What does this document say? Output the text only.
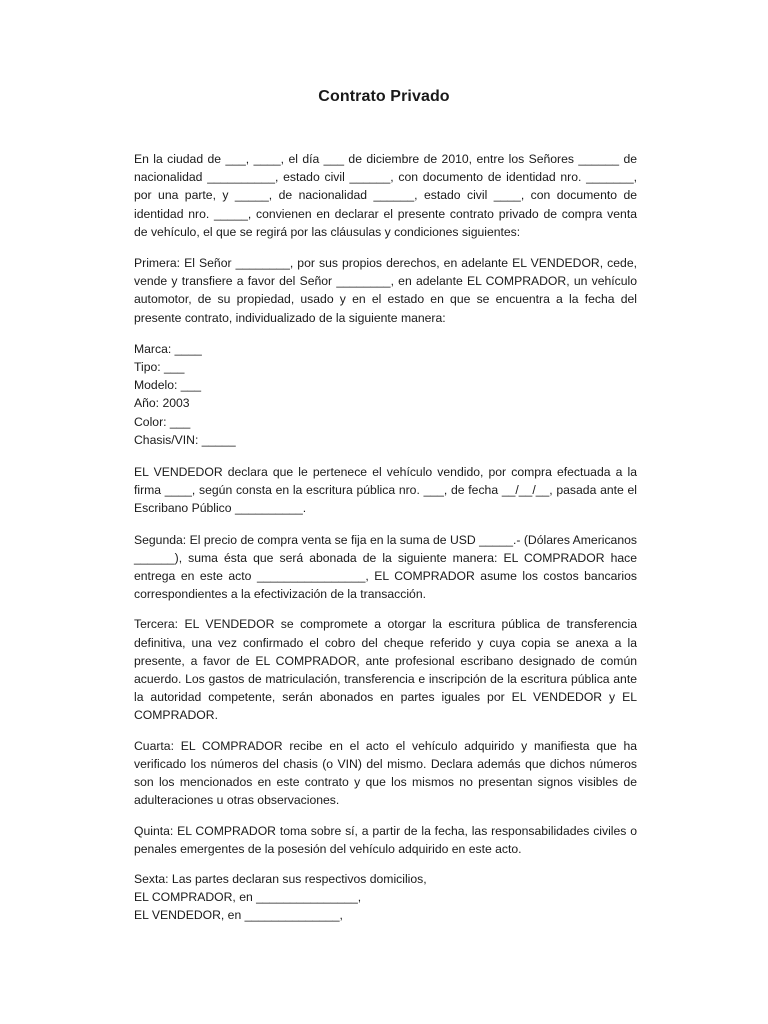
Contrato Privado

En la ciudad de ___, ____, el día ___ de diciembre de 2010, entre los Señores ______ de nacionalidad __________, estado civil ______, con documento de identidad nro. _______, por una parte, y _____, de nacionalidad ______, estado civil ____, con documento de identidad nro. _____, convienen en declarar el presente contrato privado de compra venta de vehículo, el que se regirá por las cláusulas y condiciones siguientes:

Primera: El Señor ________, por sus propios derechos, en adelante EL VENDEDOR, cede, vende y transfiere a favor del Señor ________, en adelante EL COMPRADOR, un vehículo automotor, de su propiedad, usado y en el estado en que se encuentra a la fecha del presente contrato, individualizado de la siguiente manera:

Marca: ____
Tipo: ___
Modelo: ___
Año: 2003
Color: ___
Chasis/VIN: _____

EL VENDEDOR declara que le pertenece el vehículo vendido, por compra efectuada a la firma ____, según consta en la escritura pública nro. ___, de fecha __/__/__, pasada ante el Escribano Público __________.

Segunda: El precio de compra venta se fija en la suma de USD _____.- (Dólares Americanos ______), suma ésta que será abonada de la siguiente manera: EL COMPRADOR hace entrega en este acto ________________, EL COMPRADOR asume los costos bancarios correspondientes a la efectivización de la transacción.

Tercera: EL VENDEDOR se compromete a otorgar la escritura pública de transferencia definitiva, una vez confirmado el cobro del cheque referido y cuya copia se anexa a la presente, a favor de EL COMPRADOR, ante profesional escribano designado de común acuerdo. Los gastos de matriculación, transferencia e inscripción de la escritura pública ante la autoridad competente, serán abonados en partes iguales por EL VENDEDOR y EL COMPRADOR.

Cuarta: EL COMPRADOR recibe en el acto el vehículo adquirido y manifiesta que ha verificado los números del chasis (o VIN) del mismo. Declara además que dichos números son los mencionados en este contrato y que los mismos no presentan signos visibles de adulteraciones u otras observaciones.

Quinta: EL COMPRADOR toma sobre sí, a partir de la fecha, las responsabilidades civiles o penales emergentes de la posesión del vehículo adquirido en este acto.

Sexta: Las partes declaran sus respectivos domicilios,
EL COMPRADOR, en _______________,
EL VENDEDOR, en ______________,
